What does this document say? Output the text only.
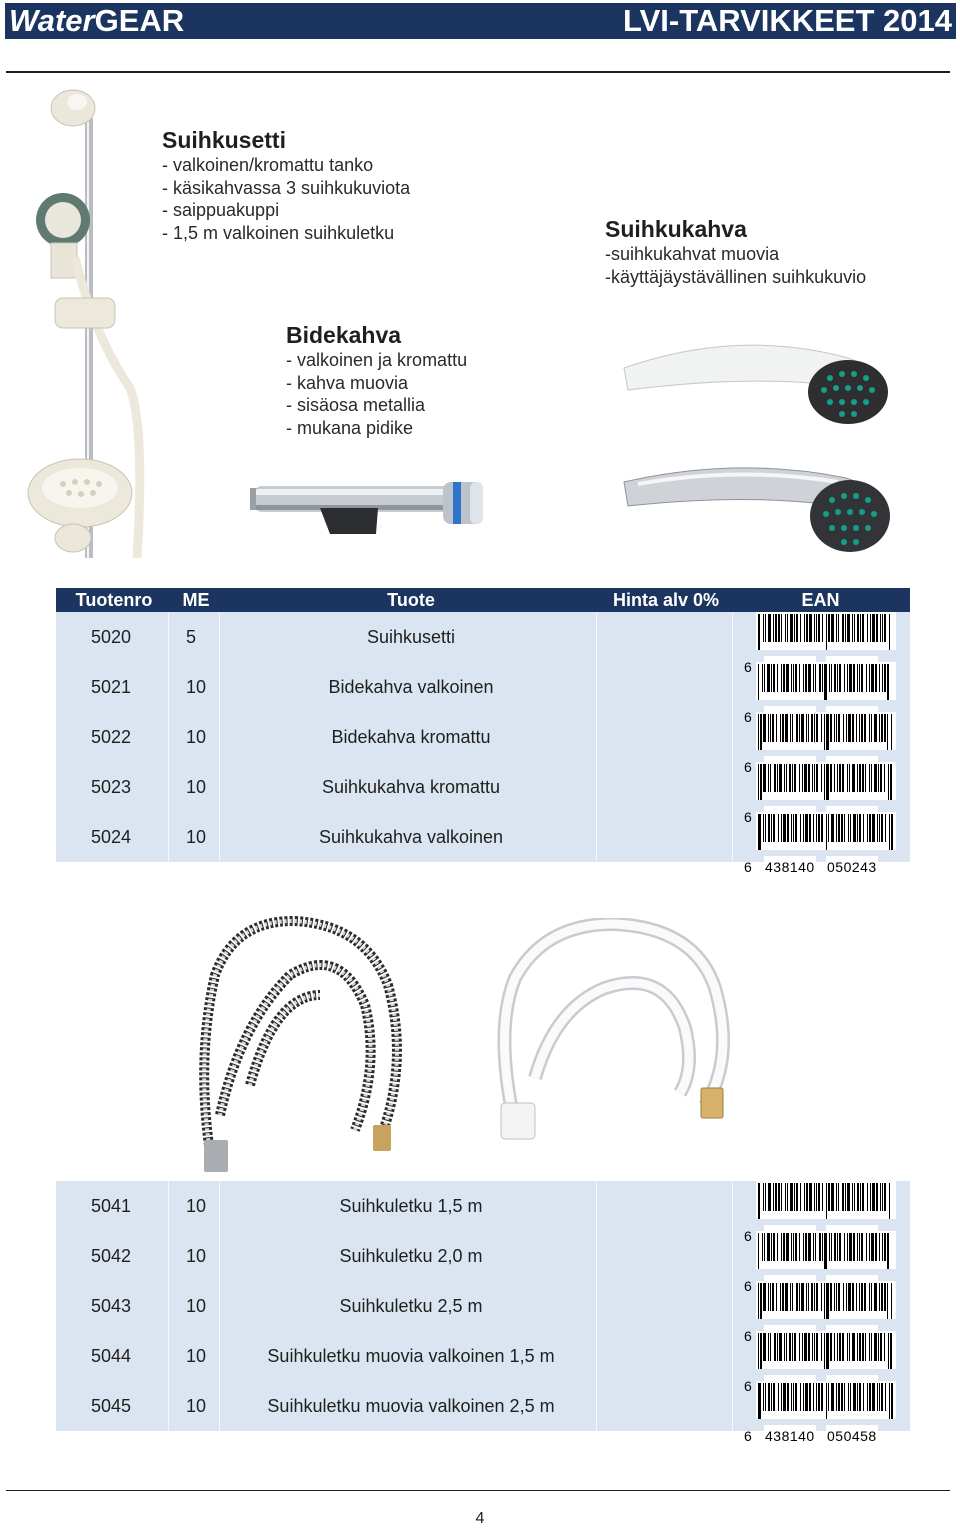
WaterGEAR	LVI-TARVIKKEET 2014
Suihkusetti
- valkoinen/kromattu tanko
- käsikahvassa 3 suihkukuviota
- saippuakuppi
- 1,5 m valkoinen suihkuletku	Suihkukahva
-suihkukahvat muovia
-käyttäjäystävällinen suihkukuvio
Bidekahva
- valkoinen ja kromattu
- kahva muovia
- sisäosa metallia
- mukana pidike
Tuotenro	ME	Tuote	Hinta alv 0%	EAN
5020	5	Suihkusetti
6
5021	10	Bidekahva valkoinen
6
5022	10	Bidekahva kromattu
6
5023	10	Suihkukahva kromattu
6
5024	10	Suihkukahva valkoinen
6 438140 050243
5041	10	Suihkuletku 1,5 m
6
5042	10	Suihkuletku 2,0 m
6
5043	10	Suihkuletku 2,5 m
6
5044	10	Suihkuletku muovia valkoinen 1,5 m
6
5045	10	Suihkuletku muovia valkoinen 2,5 m
6 438140 050458
4
